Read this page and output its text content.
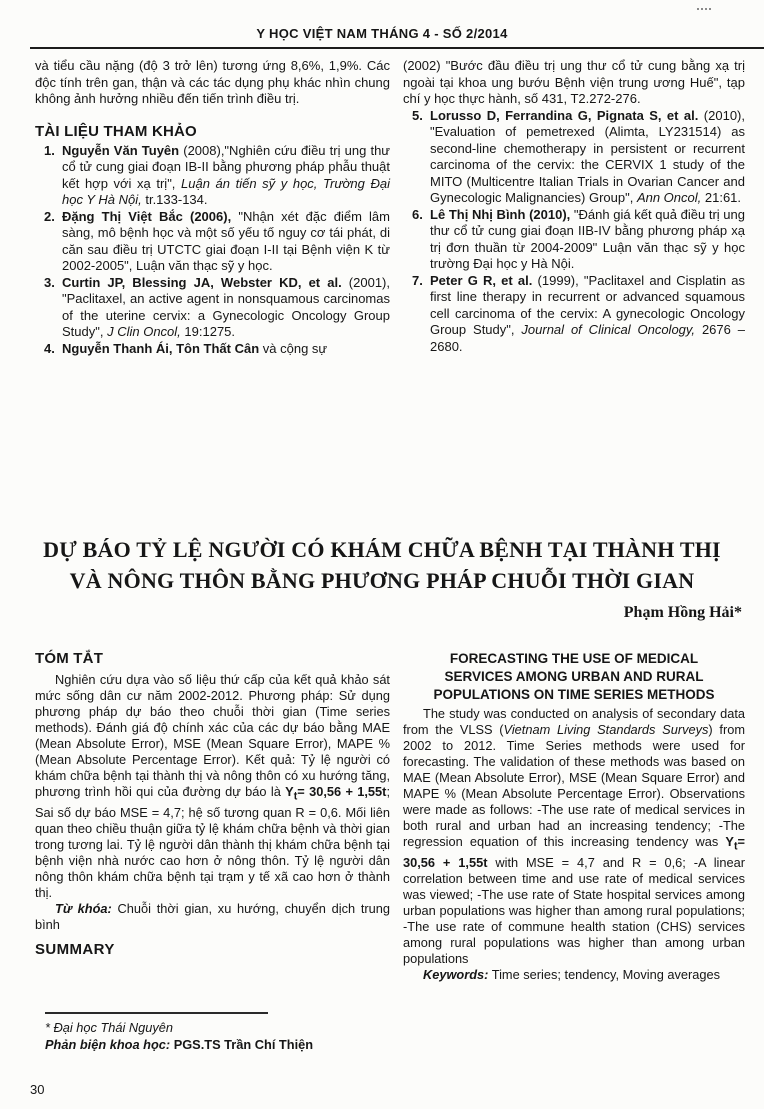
Y HỌC VIỆT NAM THÁNG 4 - SỐ 2/2014
và tiểu cầu nặng (độ 3 trở lên) tương ứng 8,6%, 1,9%. Các độc tính trên gan, thận và các tác dụng phụ khác nhìn chung không ảnh hưởng nhiều đến tiến trình điều trị.
TÀI LIỆU THAM KHẢO
1. Nguyễn Văn Tuyên (2008),"Nghiên cứu điều trị ung thư cổ tử cung giai đoạn IB-II bằng phương pháp phẫu thuật kết hợp với xạ trị", Luận án tiến sỹ y học, Trường Đại học Y Hà Nội, tr.133-134.
2. Đặng Thị Việt Bắc (2006), "Nhận xét đặc điểm lâm sàng, mô bệnh học và một số yếu tố nguy cơ tái phát, di căn sau điều trị UTCTC giai đoạn I-II tại Bệnh viện K từ 2002-2005", Luận văn thạc sỹ y học.
3. Curtin JP, Blessing JA, Webster KD, et al. (2001), "Paclitaxel, an active agent in nonsquamous carcinomas of the uterine cervix: a Gynecologic Oncology Group Study", J Clin Oncol, 19:1275.
4. Nguyễn Thanh Ái, Tôn Thất Cân và cộng sự
(2002) "Bước đầu điều trị ung thư cổ tử cung bằng xạ trị ngoài tại khoa ung bướu Bệnh viện trung ương Huế", tạp chí y học thực hành, số 431, T2.272-276.
5. Lorusso D, Ferrandina G, Pignata S, et al. (2010), "Evaluation of pemetrexed (Alimta, LY231514) as second-line chemotherapy in persistent or recurrent carcinoma of the cervix: the CERVIX 1 study of the MITO (Multicentre Italian Trials in Ovarian Cancer and Gynecologic Malignancies) Group", Ann Oncol, 21:61.
6. Lê Thị Nhị Bình (2010), "Đánh giá kết quả điều trị ung thư cổ tử cung giai đoạn IIB-IV bằng phương pháp xạ trị đơn thuần từ 2004-2009" Luận văn thạc sỹ y học trường Đại học y Hà Nội.
7. Peter G R, et al. (1999), "Paclitaxel and Cisplatin as first line therapy in recurrent or advanced squamous cell carcinoma of the cervix: A gynecologic Oncology Group Study", Journal of Clinical Oncology, 2676 – 2680.
DỰ BÁO TỶ LỆ NGƯỜI CÓ KHÁM CHỮA BỆNH TẠI THÀNH THỊ
VÀ NÔNG THÔN BẰNG PHƯƠNG PHÁP CHUỖI THỜI GIAN
Phạm Hồng Hải*
TÓM TẮT
Nghiên cứu dựa vào số liệu thứ cấp của kết quả khảo sát mức sống dân cư năm 2002-2012. Phương pháp: Sử dụng phương pháp dự báo theo chuỗi thời gian (Time series methods). Đánh giá độ chính xác của các dự báo bằng MAE (Mean Absolute Error), MSE (Mean Square Error), MAPE % (Mean Absolute Percentage Error). Kết quả: Tỷ lệ người có khám chữa bệnh tại thành thị và nông thôn có xu hướng tăng, phương trình hồi qui của đường dự báo là $Y_t= 30,56 + 1,55t$; Sai số dự báo MSE = 4,7; hệ số tương quan R = 0,6. Mối liên quan theo chiều thuận giữa tỷ lệ khám chữa bệnh và thời gian trong tương lai. Tỷ lệ người dân thành thị khám chữa bệnh tại bệnh viện nhà nước cao hơn ở nông thôn. Tỷ lệ người dân nông thôn khám chữa bệnh tại trạm y tế xã cao hơn ở thành thị.
Từ khóa: Chuỗi thời gian, xu hướng, chuyển dịch trung bình
SUMMARY
FORECASTING THE USE OF MEDICAL
SERVICES AMONG URBAN AND RURAL
POPULATIONS ON TIME SERIES METHODS
The study was conducted on analysis of secondary data from the VLSS (Vietnam Living Standards Surveys) from 2002 to 2012. Time Series methods were used for forecasting. The validation of these methods was based on MAE (Mean Absolute Error), MSE (Mean Square Error) and MAPE % (Mean Absolute Percentage Error). Observations were made as follows: -The use rate of medical services in both rural and urban had an increasing tendency; -The regression equation of this increasing tendency was $Y_t= 30,56 + 1,55t$ with MSE = 4,7 and R = 0,6; -A linear correlation between time and use rate of medical services was viewed; -The use rate of State hospital services among urban populations was higher than among rural populations; -The use rate of commune health station (CHS) services among rural populations was higher than among urban populations
Keywords: Time series; tendency, Moving averages
* Đại học Thái Nguyên
Phản biện khoa học: PGS.TS Trần Chí Thiện
30
